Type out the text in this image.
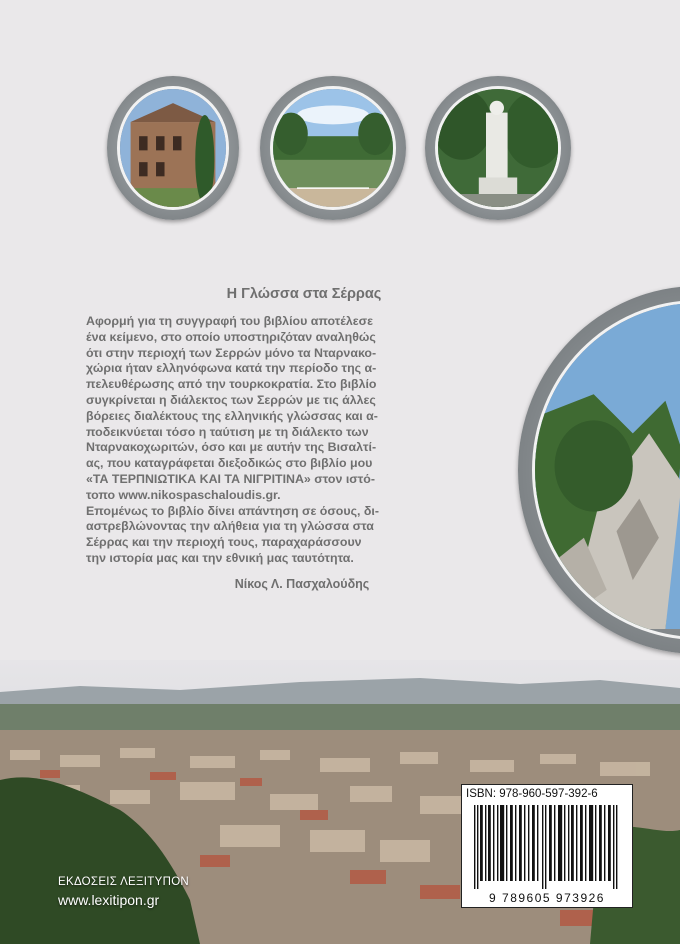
Η Γλώσσα στα Σέρρας
Αφορμή για τη συγγραφή του βιβλίου αποτέλεσε
ένα κείμενο, στο οποίο υποστηριζόταν αναληθώς
ότι στην περιοχή των Σερρών μόνο τα Νταρνακο-
χώρια ήταν ελληνόφωνα κατά την περίοδο της α-
πελευθέρωσης από την τουρκοκρατία. Στο βιβλίο
συγκρίνεται η διάλεκτος των Σερρών με τις άλλες
βόρειες διαλέκτους της ελληνικής γλώσσας και α-
ποδεικνύεται τόσο η ταύτιση με τη διάλεκτο των
Νταρνακοχωριτών, όσο και με αυτήν της Βισαλτί-
ας, που καταγράφεται διεξοδικώς στο βιβλίο μου
«ΤΑ ΤΕΡΠΝΙΩΤΙΚΑ ΚΑΙ ΤΑ ΝΙΓΡΙΤΙΝΑ» στον ιστό-
τοπο www.nikospaschaloudis.gr.
Επομένως το βιβλίο δίνει απάντηση σε όσους, δι-
αστρεβλώνοντας την αλήθεια για τη γλώσσα στα
Σέρρας και την περιοχή τους, παραχαράσσουν
την ιστορία μας και την εθνική μας ταυτότητα.
Νίκος Λ. Πασχαλούδης
ΕΚΔΟΣΕΙΣ ΛΕΞΙΤΥΠΟΝ
www.lexitipon.gr
ISBN: 978-960-597-392-6
9 789605 973926
